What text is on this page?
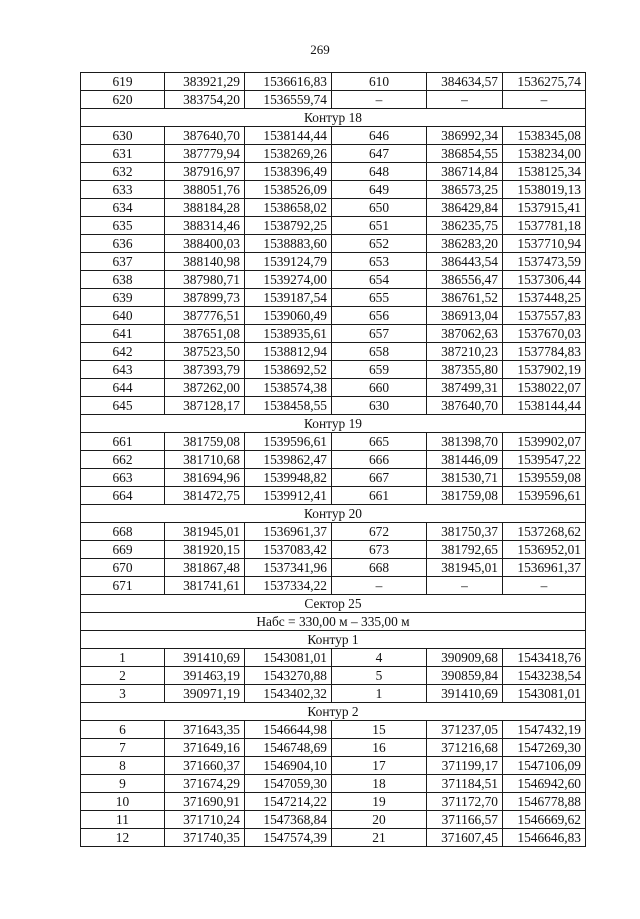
269
619	383921,29	1536616,83	610	384634,57	1536275,74
620	383754,20	1536559,74	–	–	–
Контур 18					
630	387640,70	1538144,44	646	386992,34	1538345,08
631	387779,94	1538269,26	647	386854,55	1538234,00
632	387916,97	1538396,49	648	386714,84	1538125,34
633	388051,76	1538526,09	649	386573,25	1538019,13
634	388184,28	1538658,02	650	386429,84	1537915,41
635	388314,46	1538792,25	651	386235,75	1537781,18
636	388400,03	1538883,60	652	386283,20	1537710,94
637	388140,98	1539124,79	653	386443,54	1537473,59
638	387980,71	1539274,00	654	386556,47	1537306,44
639	387899,73	1539187,54	655	386761,52	1537448,25
640	387776,51	1539060,49	656	386913,04	1537557,83
641	387651,08	1538935,61	657	387062,63	1537670,03
642	387523,50	1538812,94	658	387210,23	1537784,83
643	387393,79	1538692,52	659	387355,80	1537902,19
644	387262,00	1538574,38	660	387499,31	1538022,07
645	387128,17	1538458,55	630	387640,70	1538144,44
Контур 19					
661	381759,08	1539596,61	665	381398,70	1539902,07
662	381710,68	1539862,47	666	381446,09	1539547,22
663	381694,96	1539948,82	667	381530,71	1539559,08
664	381472,75	1539912,41	661	381759,08	1539596,61
Контур 20					
668	381945,01	1536961,37	672	381750,37	1537268,62
669	381920,15	1537083,42	673	381792,65	1536952,01
670	381867,48	1537341,96	668	381945,01	1536961,37
671	381741,61	1537334,22	–	–	–
Сектор 25					
Набс = 330,00 м – 335,00 м					
Контур 1					
1	391410,69	1543081,01	4	390909,68	1543418,76
2	391463,19	1543270,88	5	390859,84	1543238,54
3	390971,19	1543402,32	1	391410,69	1543081,01
Контур 2					
6	371643,35	1546644,98	15	371237,05	1547432,19
7	371649,16	1546748,69	16	371216,68	1547269,30
8	371660,37	1546904,10	17	371199,17	1547106,09
9	371674,29	1547059,30	18	371184,51	1546942,60
10	371690,91	1547214,22	19	371172,70	1546778,88
11	371710,24	1547368,84	20	371166,57	1546669,62
12	371740,35	1547574,39	21	371607,45	1546646,83
